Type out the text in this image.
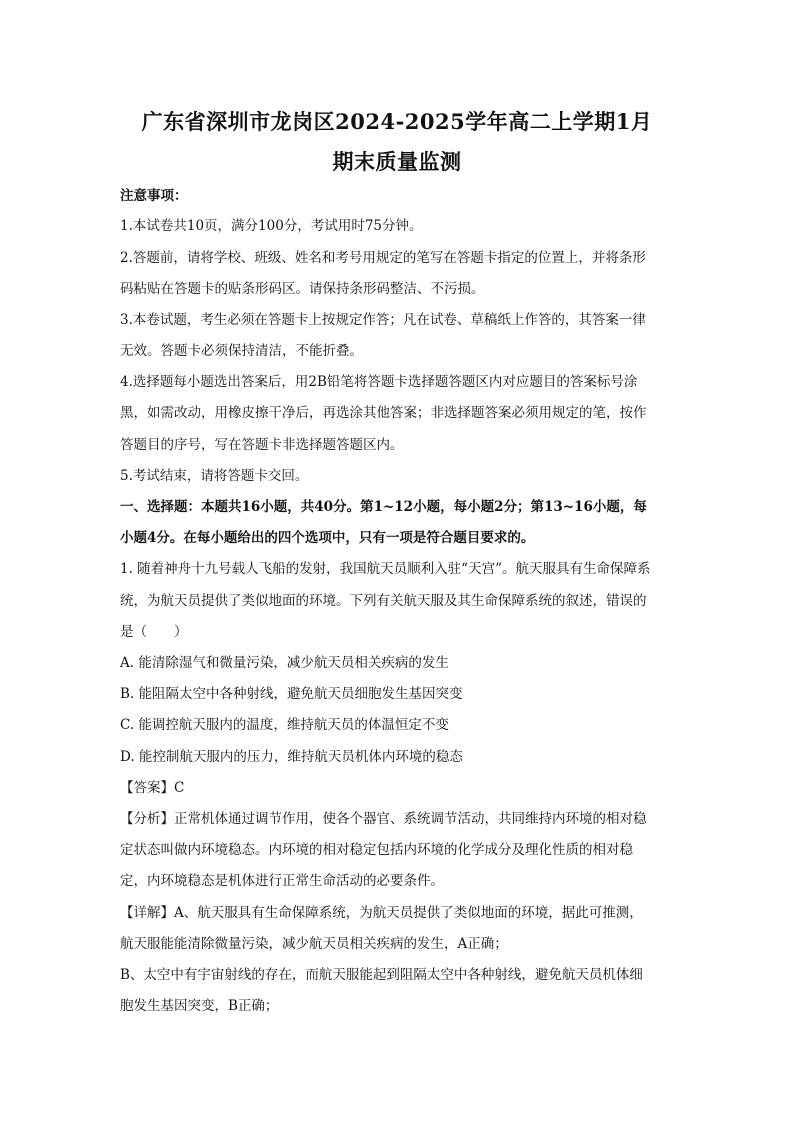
广东省深圳市龙岗区2024-2025学年高二上学期1月
期末质量监测
注意事项：
1.本试卷共10页，满分100分，考试用时75分钟。
2.答题前，请将学校、班级、姓名和考号用规定的笔写在答题卡指定的位置上，并将条形
码粘贴在答题卡的贴条形码区。请保持条形码整洁、不污损。
3.本卷试题，考生必须在答题卡上按规定作答；凡在试卷、草稿纸上作答的，其答案一律
无效。答题卡必须保持清洁，不能折叠。
4.选择题每小题选出答案后，用2B铅笔将答题卡选择题答题区内对应题目的答案标号涂
黑，如需改动，用橡皮擦干净后，再选涂其他答案；非选择题答案必须用规定的笔，按作
答题目的序号，写在答题卡非选择题答题区内。
5.考试结束，请将答题卡交回。
一、选择题：本题共16小题，共40分。第1~12小题，每小题2分；第13~16小题，每
小题4分。在每小题给出的四个选项中，只有一项是符合题目要求的。
1. 随着神舟十九号载人飞船的发射，我国航天员顺利入驻“天宫”。航天服具有生命保障系
统，为航天员提供了类似地面的环境。下列有关航天服及其生命保障系统的叙述，错误的
是（　　）
A. 能清除湿气和微量污染，减少航天员相关疾病的发生
B. 能阻隔太空中各种射线，避免航天员细胞发生基因突变
C. 能调控航天服内的温度，维持航天员的体温恒定不变
D. 能控制航天服内的压力，维持航天员机体内环境的稳态
【答案】C
【分析】正常机体通过调节作用，使各个器官、系统调节活动，共同维持内环境的相对稳
定状态叫做内环境稳态。内环境的相对稳定包括内环境的化学成分及理化性质的相对稳
定，内环境稳态是机体进行正常生命活动的必要条件。
【详解】A、航天服具有生命保障系统，为航天员提供了类似地面的环境，据此可推测，
航天服能能清除微量污染，减少航天员相关疾病的发生，A正确；
B、太空中有宇宙射线的存在，而航天服能起到阻隔太空中各种射线，避免航天员机体细
胞发生基因突变，B正确；
